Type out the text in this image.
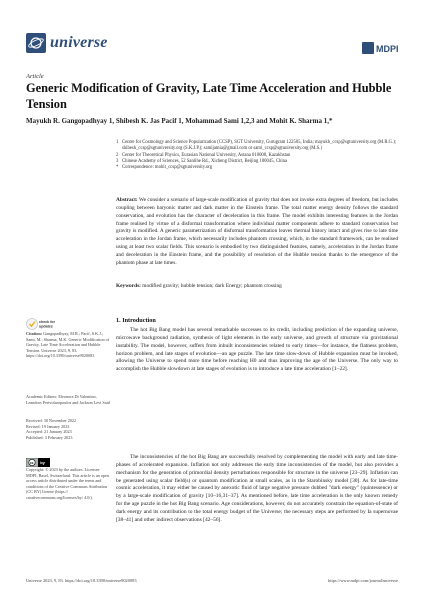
universe	MDPI
Article
Generic Modification of Gravity, Late Time Acceleration and Hubble Tension
Mayukh R. Gangopadhyay 1, Shibesh K. Jas Pacif 1, Mohammad Sami 1,2,3 and Mohit K. Sharma 1,*
1 Centre for Cosmology and Science Popularization (CCSP), SGT University, Gurugram 122505, India; mayukh_ccsp@sgtuniversity.org (M.R.G.); shibesh_ccsp@sgtuniversity.org (S.K.J.P.); samijamia@gmail.com or sami_ccsp@sgtuniversity.org (M.S.)
2 Center for Theoretical Physics, Eurasian National University, Astana 010008, Kazakhstan
3 Chinese Academy of Sciences, 52 Sanlihe Rd., Xicheng District, Beijing 100045, China
* Correspondence: mohit_ccsp@sgtuniversity.org
Abstract: We consider a scenario of large-scale modification of gravity that does not invoke extra degrees of freedom, but includes coupling between baryonic matter and dark matter in the Einstein frame. The total matter energy density follows the standard conservation, and evolution has the character of deceleration in this frame. The model exhibits interesting features in the Jordan frame realised by virtue of a disformal transformation where individual matter components adhere to standard conservation but gravity is modified. A generic parametrization of disformal transformation leaves thermal history intact and gives rise to late time acceleration in the Jordan frame, which necessarily includes phantom crossing, which, in the standard framework, can be realised using at least two scalar fields. This scenario is embodied by two distinguished features, namely, acceleration in the Jordan frame and deceleration in the Einstein frame, and the possibility of resolution of the Hubble tension thanks to the emergence of the phantom phase at late times.
Keywords: modified gravity; hubble tension; dark Energy; phantom crossing
check for
updates
Citation: Gangopadhyay, M.R.; Pacif, S.K.J.; Sami, M.; Sharma, M.K. Generic Modification of Gravity, Late Time Acceleration and Hubble Tension. Universe 2023, 9, 83. https://doi.org/10.3390/universe9020083
Academic Editors: Eleonora Di Valentino, Leandros Perivolaropoulos and Jackson Levi Said
Received: 30 November 2022
Revised: 19 January 2023
Accepted: 21 January 2023
Published: 3 February 2023
cc by
Copyright: © 2023 by the authors. Licensee MDPI, Basel, Switzerland. This article is an open access article distributed under the terms and conditions of the Creative Commons Attribution (CC BY) license (https:// creativecommons.org/licenses/by/ 4.0/).
1. Introduction
The hot Big Bang model has several remarkable successes to its credit, including prediction of the expanding universe, microwave background radiation, synthesis of light elements in the early universe, and growth of structure via gravitational instability. The model, however, suffers from inbuilt inconsistencies related to early times—for instance, the flatness problem, horizon problem, and late stages of evolution—an age puzzle. The late time slow-down of Hubble expansion must be invoked, allowing the Universe to spend more time before reaching H0 and thus improving the age of the Universe. The only way to accomplish the Hubble slowdown at late stages of evolution is to introduce a late time acceleration [1–22].
The inconsistencies of the hot Big Bang are successfully resolved by complementing the model with early and late time-phases of accelerated expansion. Inflation not only addresses the early time inconsistencies of the model, but also provides a mechanism for the generation of primordial density perturbations responsible for structure in the universe [23–29]. Inflation can be generated using scalar field(s) or quantum modification at small scales, as in the Starobinsky model [30]. As for late-time cosmic acceleration, it may either be caused by anexotic fluid of large negative pressure dubbed "dark energy" (quintessence) or by a large-scale modification of gravity [10–16,31–37]. As mentioned before, late time acceleration is the only known remedy for the age puzzle in the hot Big Bang scenario. Age considerations, however, do not accurately constrain the equation-of-state of dark energy and its contribution to the total energy budget of the Universe; the necessary steps are performed by Ia supernovae [38–41] and other indirect observations [42–56].
Universe 2023, 9, 83. https://doi.org/10.3390/universe9020083	https://www.mdpi.com/journal/universe
